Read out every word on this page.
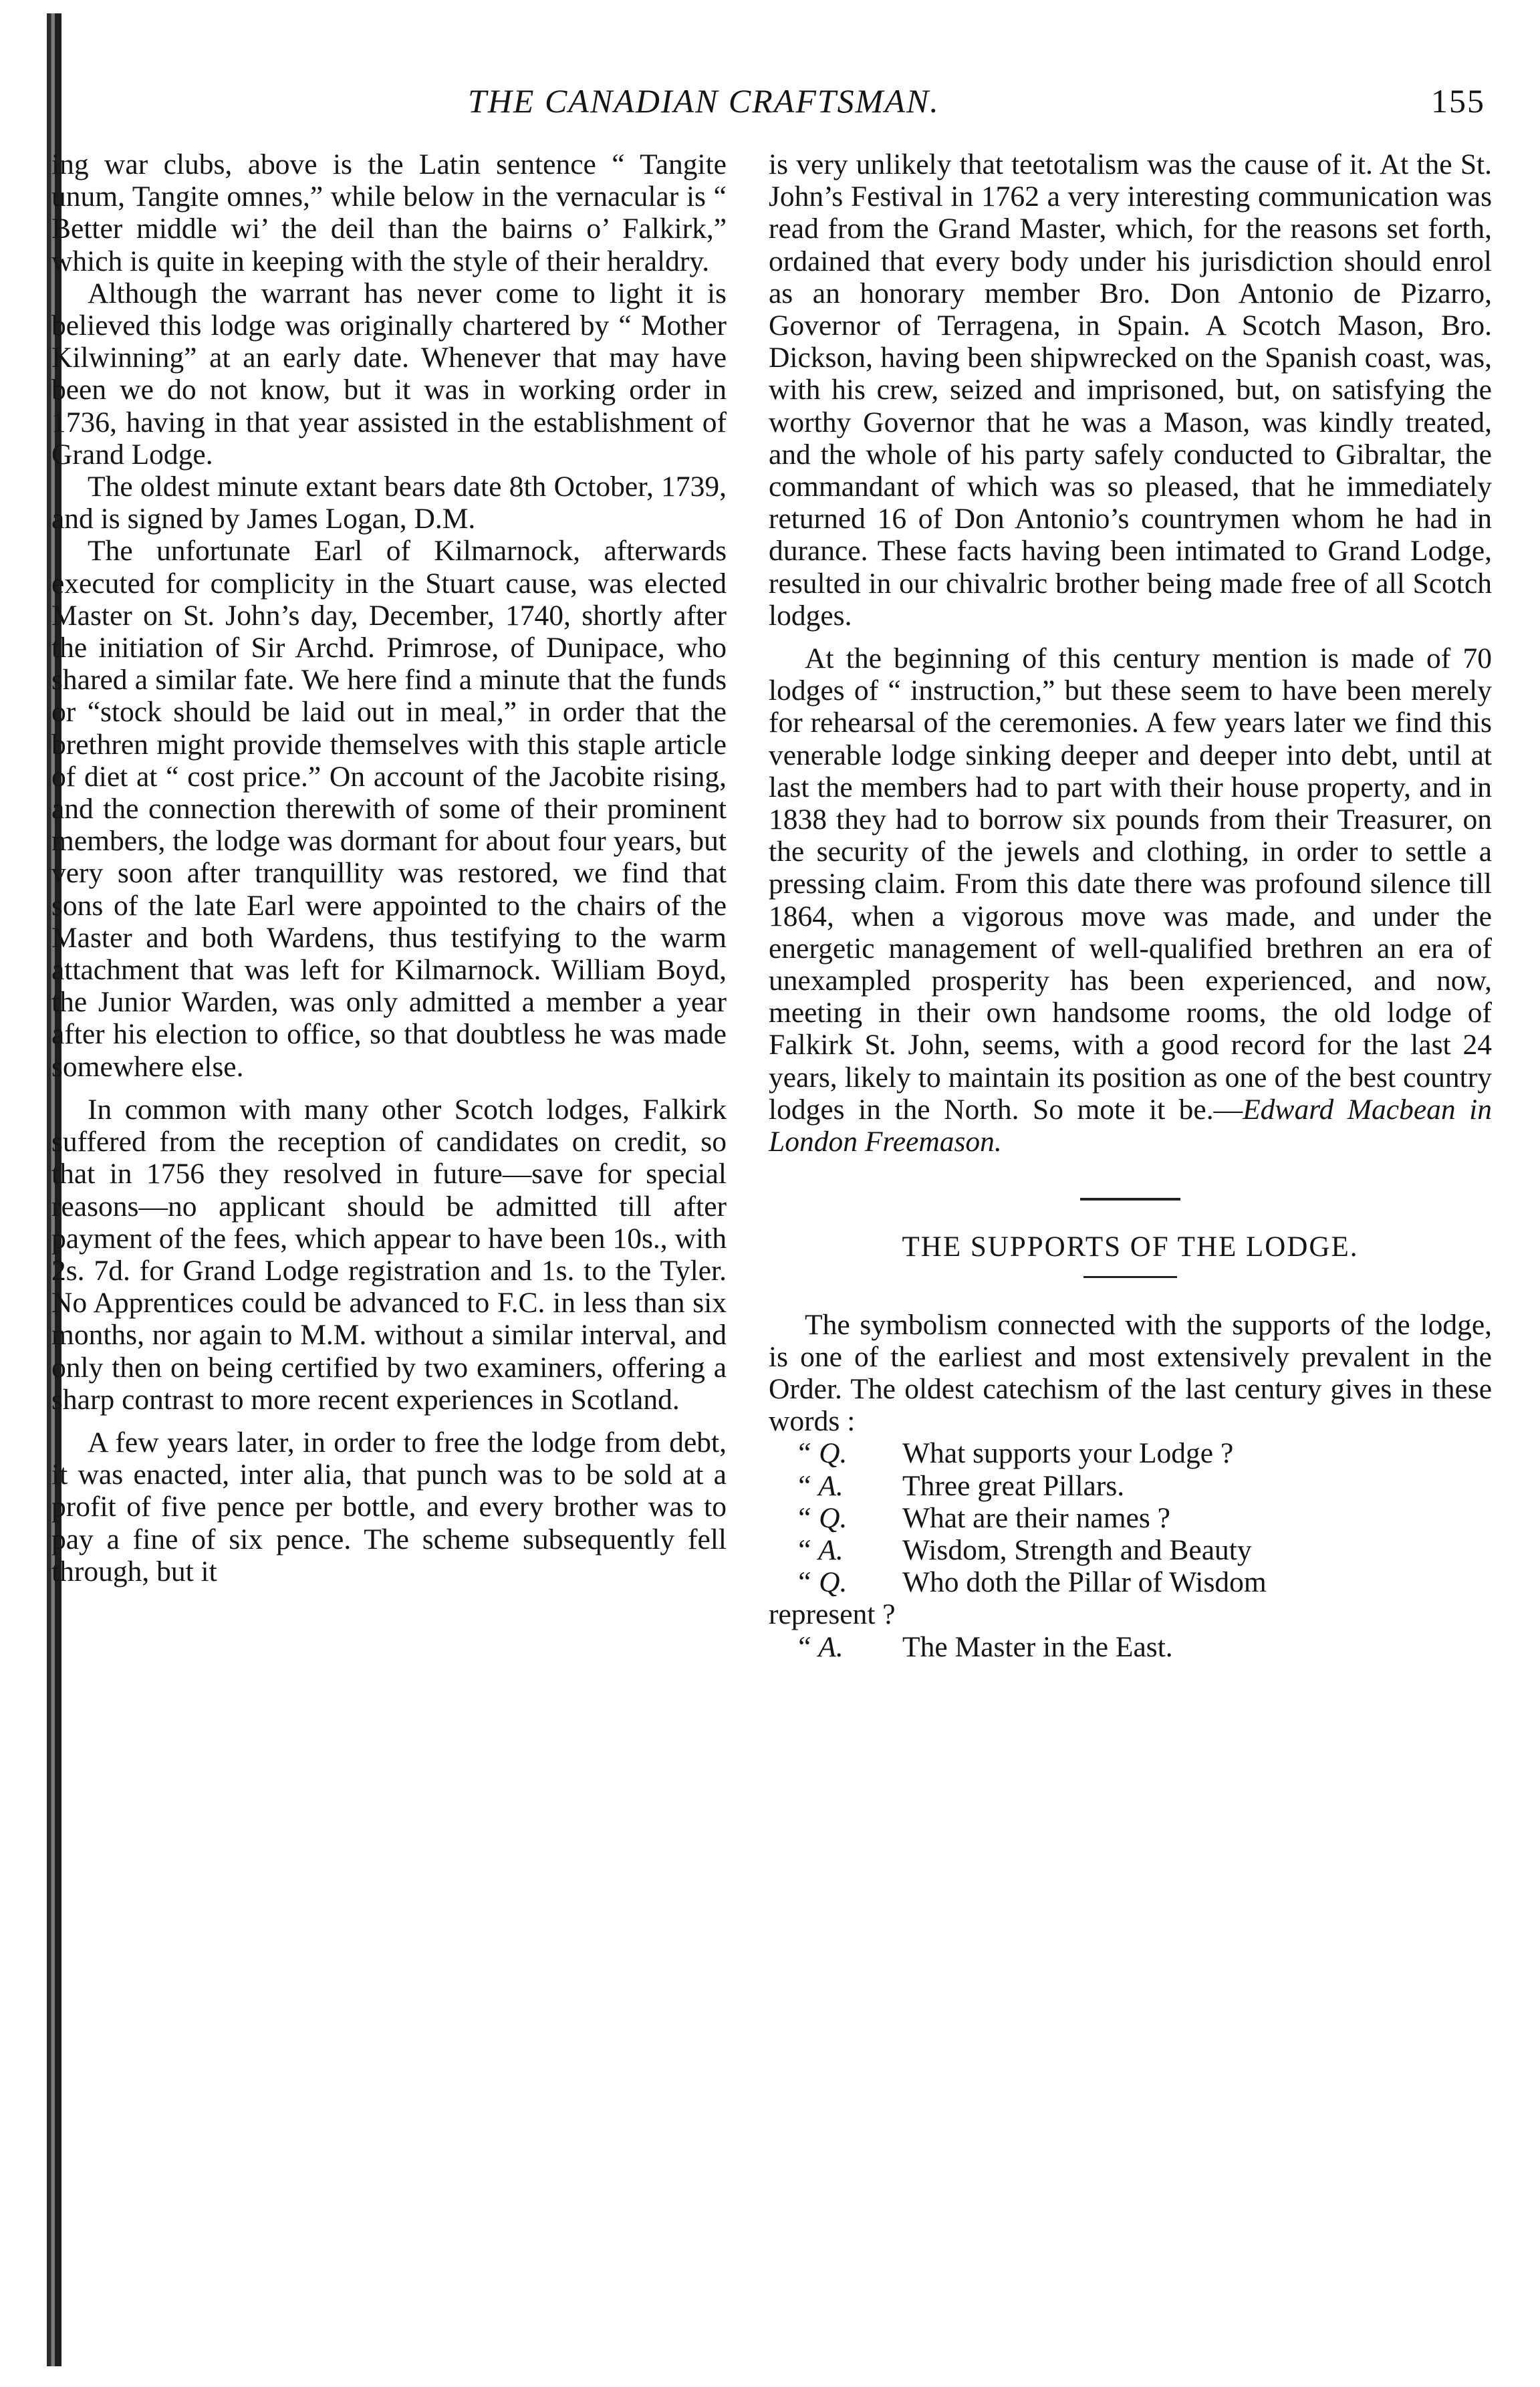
THE CANADIAN CRAFTSMAN.	155

ing war clubs, above is the Latin sentence “ Tangite unum, Tangite omnes,” while below in the vernacular is “ Better middle wi’ the deil than the bairns o’ Falkirk,” which is quite in keeping with the style of their heraldry.

Although the warrant has never come to light it is believed this lodge was originally chartered by “ Mother Kilwinning” at an early date. Whenever that may have been we do not know, but it was in working order in 1736, having in that year assisted in the establishment of Grand Lodge.

The oldest minute extant bears date 8th October, 1739, and is signed by James Logan, D.M.

The unfortunate Earl of Kilmarnock, afterwards executed for complicity in the Stuart cause, was elected Master on St. John’s day, December, 1740, shortly after the initiation of Sir Archd. Primrose, of Dunipace, who shared a similar fate. We here find a minute that the funds or “stock should be laid out in meal,” in order that the brethren might provide themselves with this staple article of diet at “ cost price.” On account of the Jacobite rising, and the connection therewith of some of their prominent members, the lodge was dormant for about four years, but very soon after tranquillity was restored, we find that sons of the late Earl were appointed to the chairs of the Master and both Wardens, thus testifying to the warm attachment that was left for Kilmarnock. William Boyd, the Junior Warden, was only admitted a member a year after his election to office, so that doubtless he was made somewhere else.

In common with many other Scotch lodges, Falkirk suffered from the reception of candidates on credit, so that in 1756 they resolved in future—save for special reasons—no applicant should be admitted till after payment of the fees, which appear to have been 10s., with 2s. 7d. for Grand Lodge registration and 1s. to the Tyler. No Apprentices could be advanced to F.C. in less than six months, nor again to M.M. without a similar interval, and only then on being certified by two examiners, offering a sharp contrast to more recent experiences in Scotland.

A few years later, in order to free the lodge from debt, it was enacted, inter alia, that punch was to be sold at a profit of five pence per bottle, and every brother was to pay a fine of six pence. The scheme subsequently fell through, but it

is very unlikely that teetotalism was the cause of it. At the St. John’s Festival in 1762 a very interesting communication was read from the Grand Master, which, for the reasons set forth, ordained that every body under his jurisdiction should enrol as an honorary member Bro. Don Antonio de Pizarro, Governor of Terragena, in Spain. A Scotch Mason, Bro. Dickson, having been shipwrecked on the Spanish coast, was, with his crew, seized and imprisoned, but, on satisfying the worthy Governor that he was a Mason, was kindly treated, and the whole of his party safely conducted to Gibraltar, the commandant of which was so pleased, that he immediately returned 16 of Don Antonio’s countrymen whom he had in durance. These facts having been intimated to Grand Lodge, resulted in our chivalric brother being made free of all Scotch lodges.

At the beginning of this century mention is made of 70 lodges of “ instruction,” but these seem to have been merely for rehearsal of the ceremonies. A few years later we find this venerable lodge sinking deeper and deeper into debt, until at last the members had to part with their house property, and in 1838 they had to borrow six pounds from their Treasurer, on the security of the jewels and clothing, in order to settle a pressing claim. From this date there was profound silence till 1864, when a vigorous move was made, and under the energetic management of well-qualified brethren an era of unexampled prosperity has been experienced, and now, meeting in their own handsome rooms, the old lodge of Falkirk St. John, seems, with a good record for the last 24 years, likely to maintain its position as one of the best country lodges in the North. So mote it be.—Edward Macbean in London Freemason.

THE SUPPORTS OF THE LODGE.

The symbolism connected with the supports of the lodge, is one of the earliest and most extensively prevalent in the Order. The oldest catechism of the last century gives in these words :

“ Q.	What supports your Lodge ?

“ A.	Three great Pillars.

“ Q.	What are their names ?

“ A.	Wisdom, Strength and Beauty

“ Q.	Who doth the Pillar of Wisdom

represent ?

“ A.	The Master in the East.
